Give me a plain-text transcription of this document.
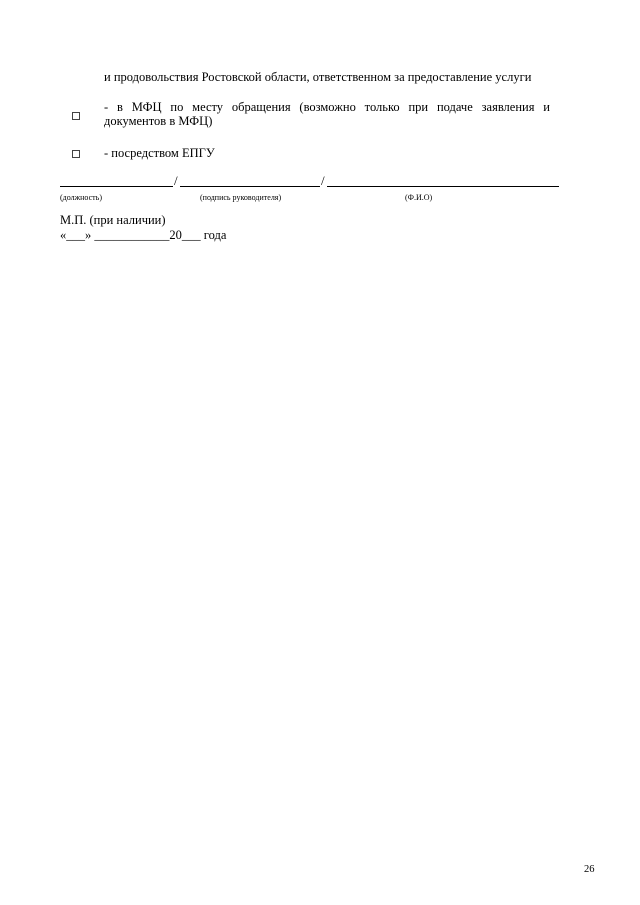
и продовольствия Ростовской области, ответственном за предоставление услуги
- в МФЦ по месту обращения (возможно только при подаче заявления и документов в МФЦ)
- посредством ЕПГУ
/	/
(должность)	(подпись руководителя)	(Ф.И.О)
М.П. (при наличии)
«___» ____________20___ года
26
